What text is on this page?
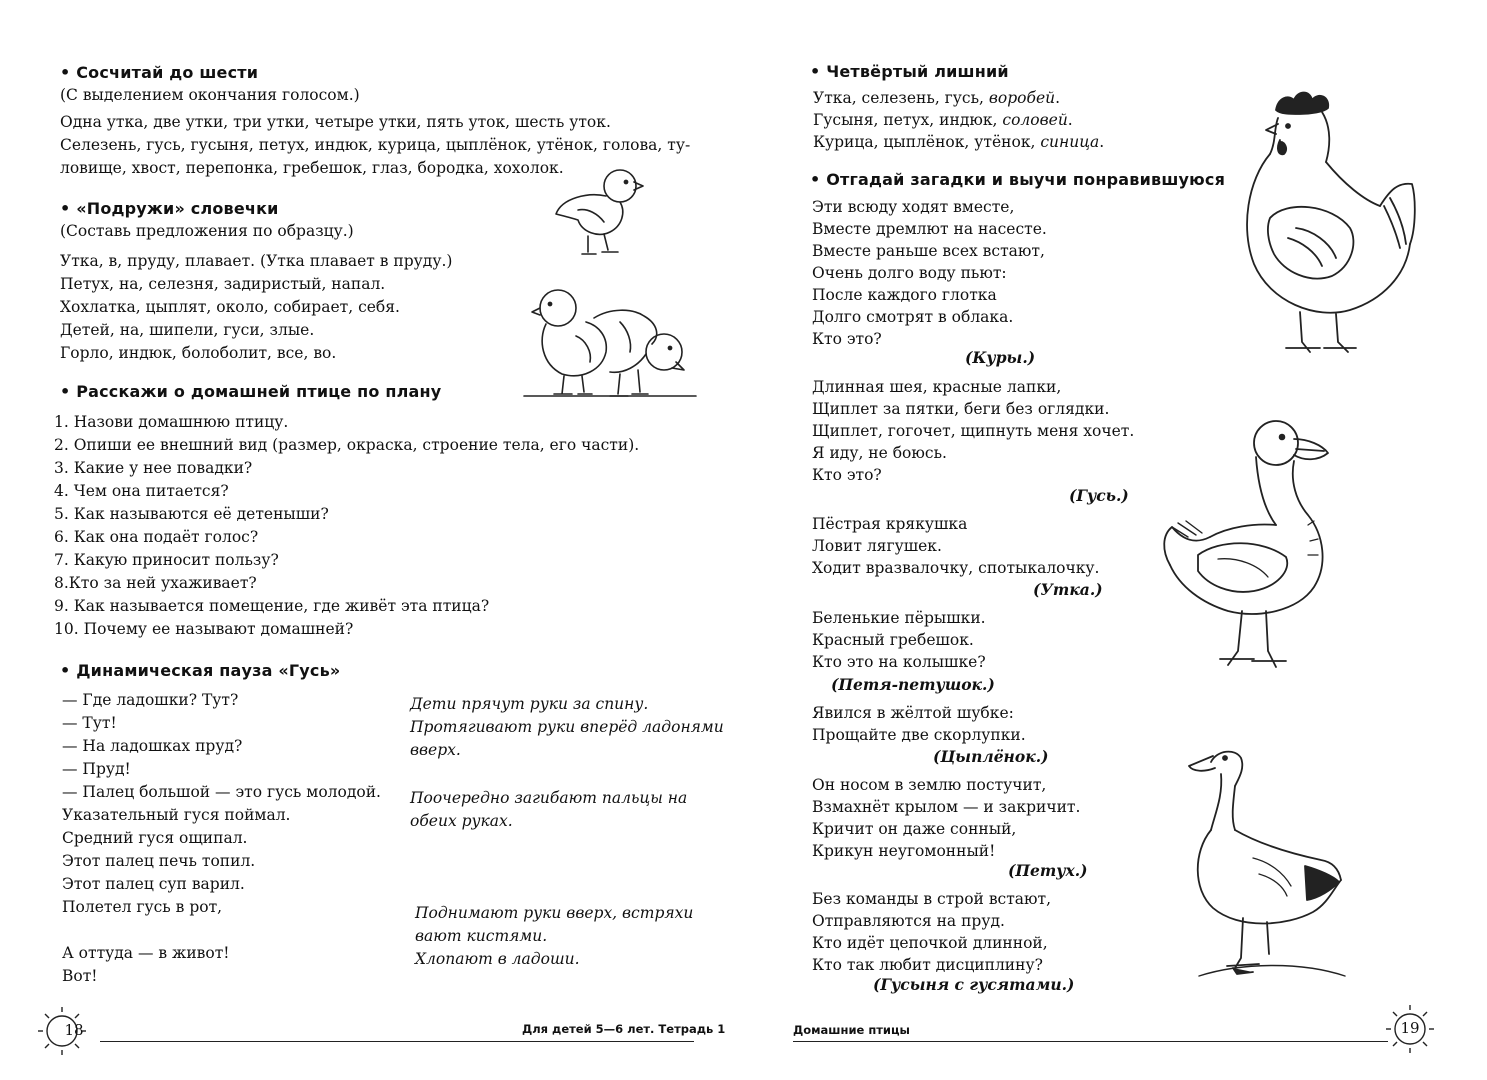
• Сосчитай до шести
(С выделением окончания голосом.)
Одна утка, две утки, три утки, четыре утки, пять уток, шесть уток.
Селезень, гусь, гусыня, петух, индюк, курица, цыплёнок, утёнок, голова, ту-
ловище, хвост, перепонка, гребешок, глаз, бородка, хохолок.
• «Подружи» словечки
(Составь предложения по образцу.)
Утка, в, пруду, плавает. (Утка плавает в пруду.)
Петух, на, селезня, задиристый, напал.
Хохлатка, цыплят, около, собирает, себя.
Детей, на, шипели, гуси, злые.
Горло, индюк, болоболит, все, во.
• Расскажи о домашней птице по плану
1. Назови домашнюю птицу.
2. Опиши ее внешний вид (размер, окраска, строение тела, его части).
3. Какие у нее повадки?
4. Чем она питается?
5. Как называются её детеныши?
6. Как она подаёт голос?
7. Какую приносит пользу?
8.Кто за ней ухаживает?
9. Как называется помещение, где живёт эта птица?
10. Почему ее называют домашней?
• Динамическая пауза «Гусь»
— Где ладошки? Тут?
— Тут!
— На ладошках пруд?
— Пруд!
— Палец большой — это гусь молодой.
Указательный гуся поймал.
Средний гуся ощипал.
Этот палец печь топил.
Этот палец суп варил.
Полетел гусь в рот,
А оттуда — в живот!
Вот!
Дети прячут руки за спину.
Протягивают руки вперёд ладонями
вверх.
Поочередно загибают пальцы на
обеих руках.
Поднимают руки вверх, встряхи
вают кистями.
Хлопают в ладоши.
18	Для детей 5—6 лет. Тетрадь 1
• Четвёртый лишний
Утка, селезень, гусь, воробей.
Гусыня, петух, индюк, соловей.
Курица, цыплёнок, утёнок, синица.
• Отгадай загадки и выучи понравившуюся
Эти всюду ходят вместе,
Вместе дремлют на насесте.
Вместе раньше всех встают,
Очень долго воду пьют:
После каждого глотка
Долго смотрят в облака.
Кто это?
(Куры.)
Длинная шея, красные лапки,
Щиплет за пятки, беги без оглядки.
Щиплет, гогочет, щипнуть меня хочет.
Я иду, не боюсь.
Кто это?
(Гусь.)
Пёстрая крякушка
Ловит лягушек.
Ходит вразвалочку, спотыкалочку.
(Утка.)
Беленькие пёрышки.
Красный гребешок.
Кто это на колышке?
(Петя-петушок.)
Явился в жёлтой шубке:
Прощайте две скорлупки.
(Цыплёнок.)
Он носом в землю постучит,
Взмахнёт крылом — и закричит.
Кричит он даже сонный,
Крикун неугомонный!
(Петух.)
Без команды в строй встают,
Отправляются на пруд.
Кто идёт цепочкой длинной,
Кто так любит дисциплину?
(Гусыня с гусятами.)
Домашние птицы	19
